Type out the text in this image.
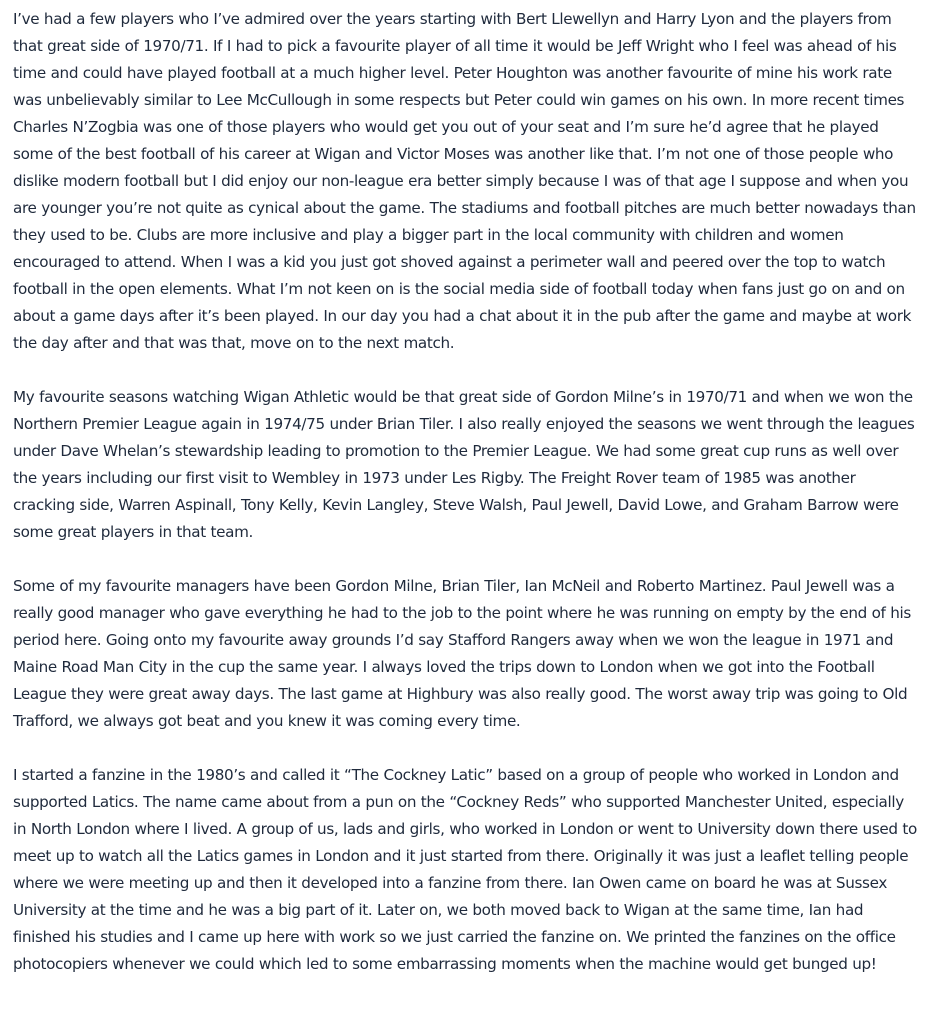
I’ve had a few players who I’ve admired over the years starting with Bert Llewellyn and Harry Lyon and the players from that great side of 1970/71. If I had to pick a favourite player of all time it would be Jeff Wright who I feel was ahead of his time and could have played football at a much higher level. Peter Houghton was another favourite of mine his work rate was unbelievably similar to Lee McCullough in some respects but Peter could win games on his own. In more recent times Charles N’Zogbia was one of those players who would get you out of your seat and I’m sure he’d agree that he played some of the best football of his career at Wigan and Victor Moses was another like that. I’m not one of those people who dislike modern football but I did enjoy our non-league era better simply because I was of that age I suppose and when you are younger you’re not quite as cynical about the game. The stadiums and football pitches are much better nowadays than they used to be. Clubs are more inclusive and play a bigger part in the local community with children and women encouraged to attend. When I was a kid you just got shoved against a perimeter wall and peered over the top to watch football in the open elements. What I’m not keen on is the social media side of football today when fans just go on and on about a game days after it’s been played. In our day you had a chat about it in the pub after the game and maybe at work the day after and that was that, move on to the next match.

My favourite seasons watching Wigan Athletic would be that great side of Gordon Milne’s in 1970/71 and when we won the Northern Premier League again in 1974/75 under Brian Tiler. I also really enjoyed the seasons we went through the leagues under Dave Whelan’s stewardship leading to promotion to the Premier League. We had some great cup runs as well over the years including our first visit to Wembley in 1973 under Les Rigby. The Freight Rover team of 1985 was another cracking side, Warren Aspinall, Tony Kelly, Kevin Langley, Steve Walsh, Paul Jewell, David Lowe, and Graham Barrow were some great players in that team.

Some of my favourite managers have been Gordon Milne, Brian Tiler, Ian McNeil and Roberto Martinez. Paul Jewell was a really good manager who gave everything he had to the job to the point where he was running on empty by the end of his period here. Going onto my favourite away grounds I’d say Stafford Rangers away when we won the league in 1971 and Maine Road Man City in the cup the same year. I always loved the trips down to London when we got into the Football League they were great away days. The last game at Highbury was also really good. The worst away trip was going to Old Trafford, we always got beat and you knew it was coming every time.

I started a fanzine in the 1980’s and called it “The Cockney Latic” based on a group of people who worked in London and supported Latics. The name came about from a pun on the “Cockney Reds” who supported Manchester United, especially in North London where I lived. A group of us, lads and girls, who worked in London or went to University down there used to meet up to watch all the Latics games in London and it just started from there. Originally it was just a leaflet telling people where we were meeting up and then it developed into a fanzine from there. Ian Owen came on board he was at Sussex University at the time and he was a big part of it. Later on, we both moved back to Wigan at the same time, Ian had finished his studies and I came up here with work so we just carried the fanzine on. We printed the fanzines on the office photocopiers whenever we could which led to some embarrassing moments when the machine would get bunged up!
